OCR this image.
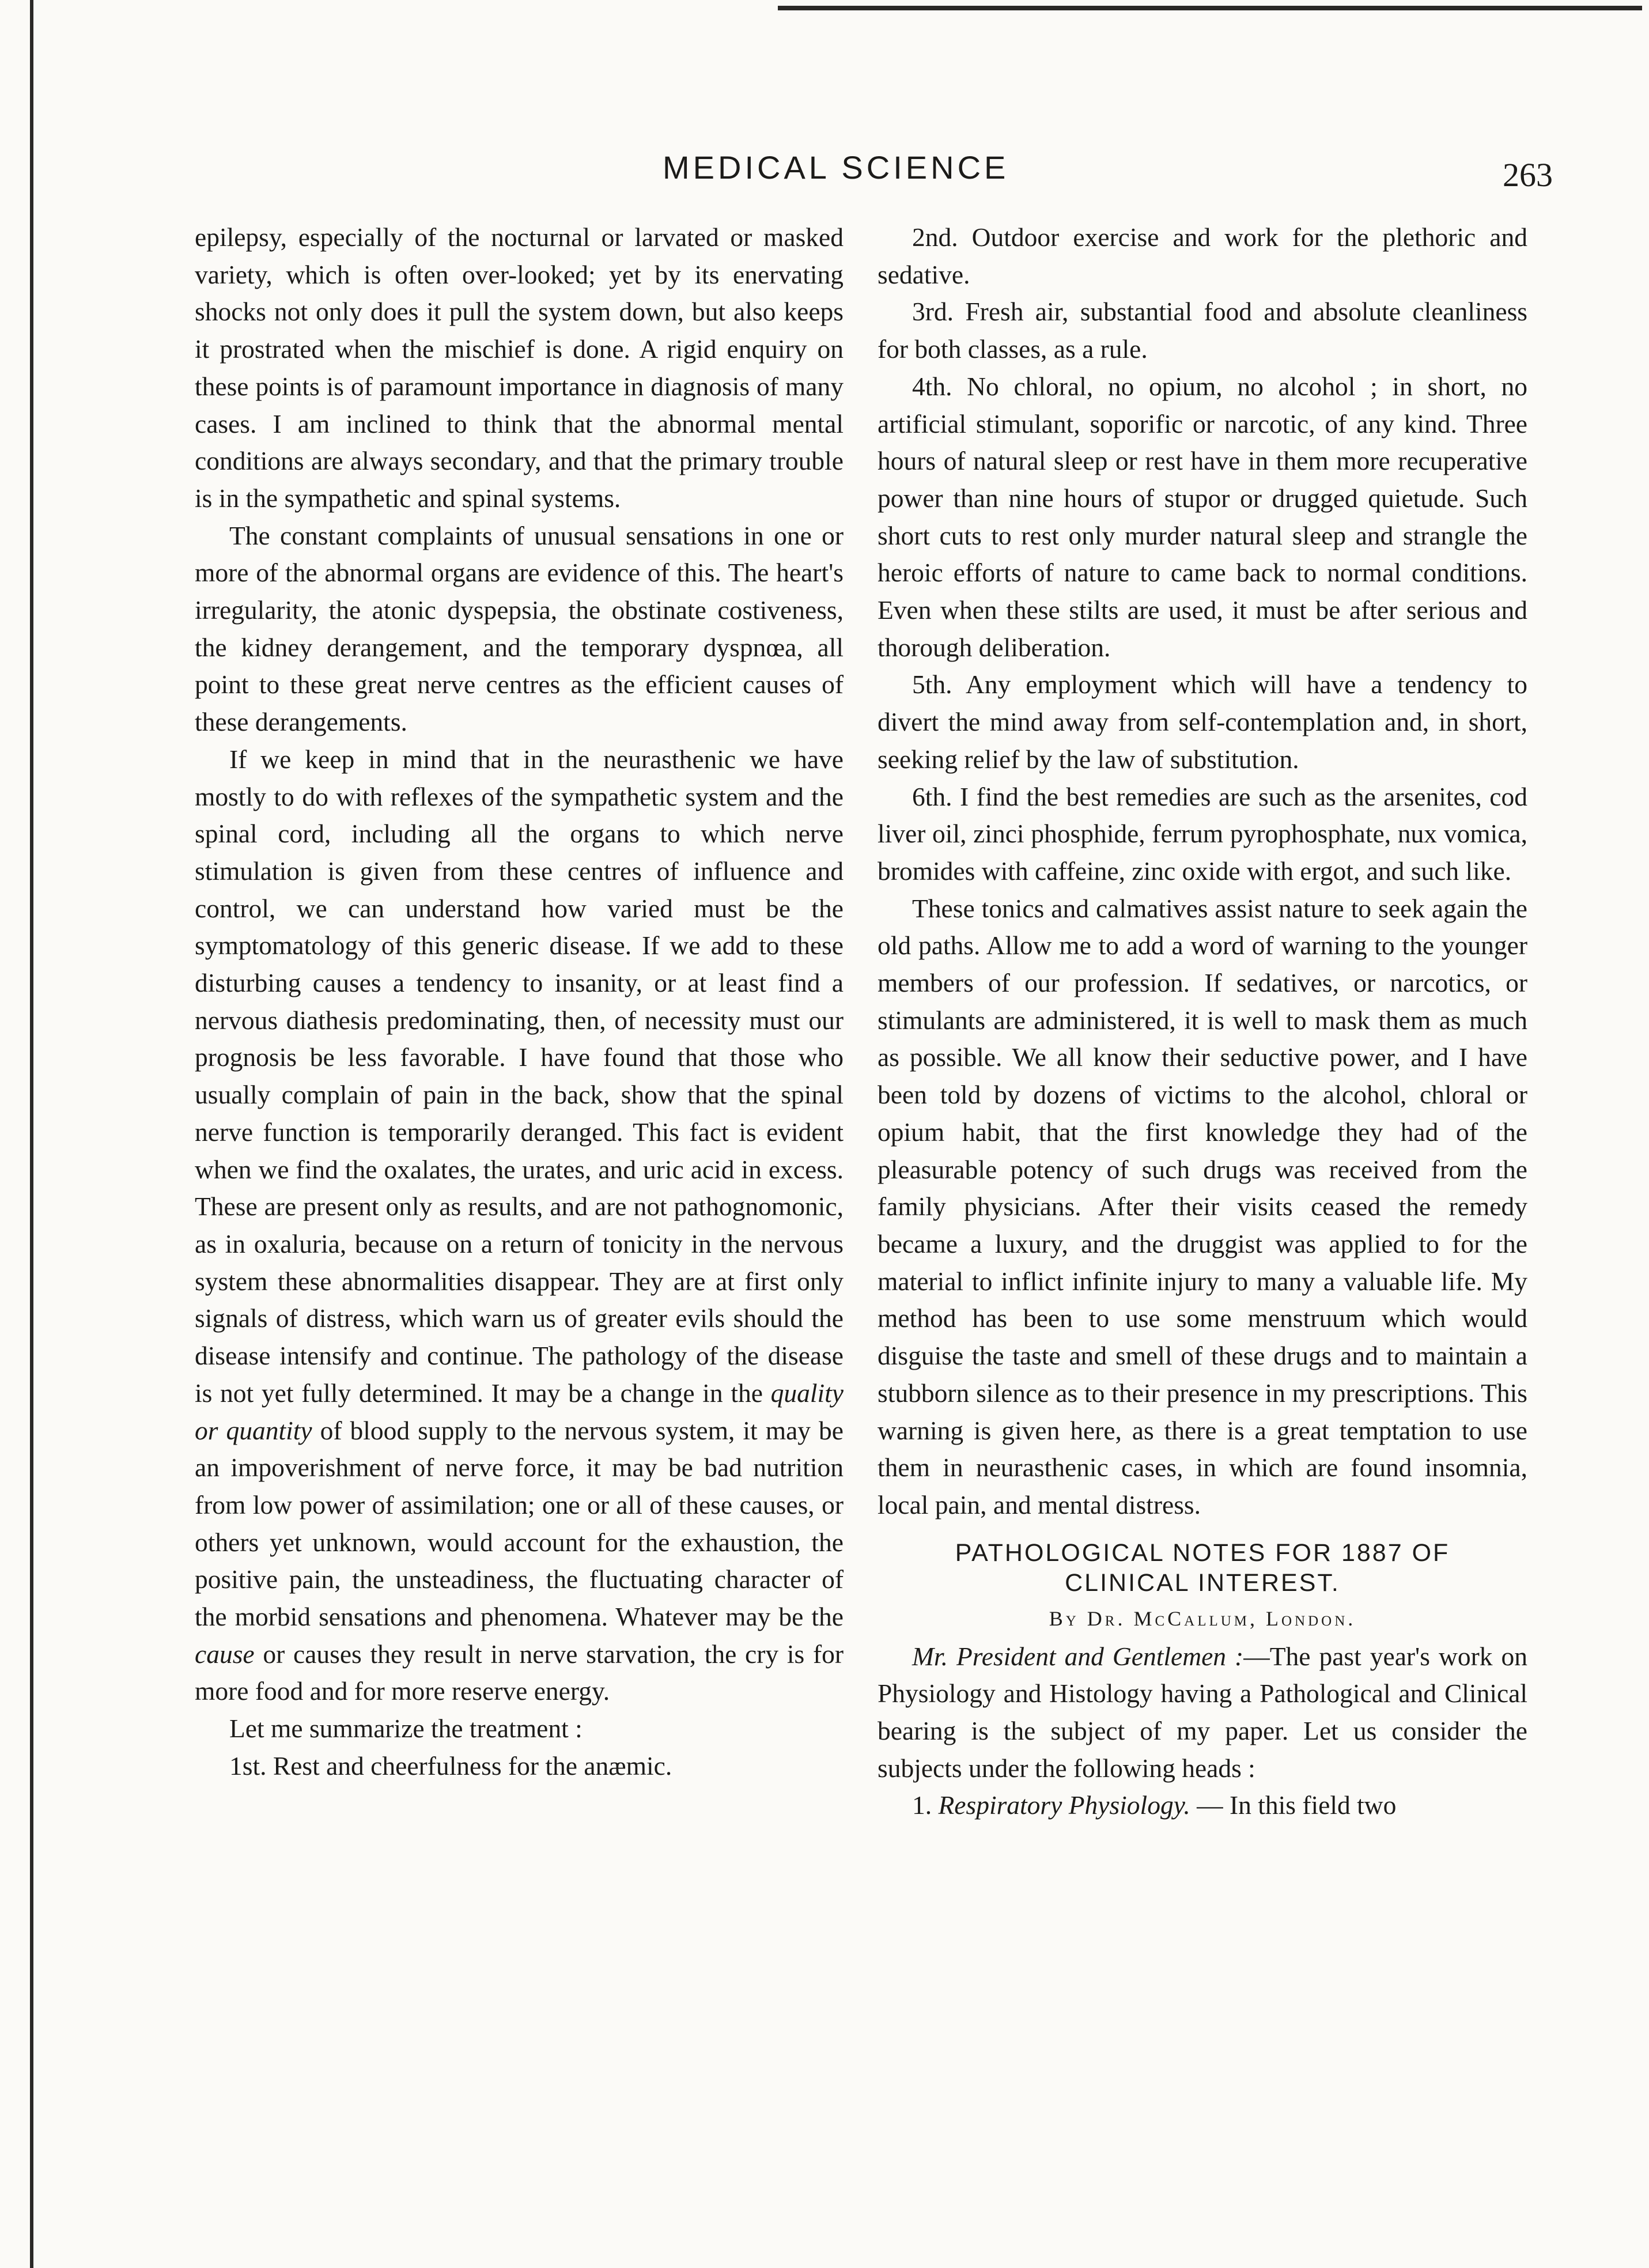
MEDICAL SCIENCE	263

epilepsy, especially of the nocturnal or larvated or masked variety, which is often over-looked; yet by its enervating shocks not only does it pull the system down, but also keeps it prostrated when the mischief is done. A rigid enquiry on these points is of paramount importance in diagnosis of many cases. I am inclined to think that the abnormal mental conditions are always secondary, and that the primary trouble is in the sympathetic and spinal systems.

The constant complaints of unusual sensations in one or more of the abnormal organs are evidence of this. The heart's irregularity, the atonic dyspepsia, the obstinate costiveness, the kidney derangement, and the temporary dyspnœa, all point to these great nerve centres as the efficient causes of these derangements.

If we keep in mind that in the neurasthenic we have mostly to do with reflexes of the sympathetic system and the spinal cord, including all the organs to which nerve stimulation is given from these centres of influence and control, we can understand how varied must be the symptomatology of this generic disease. If we add to these disturbing causes a tendency to insanity, or at least find a nervous diathesis predominating, then, of necessity must our prognosis be less favorable. I have found that those who usually complain of pain in the back, show that the spinal nerve function is temporarily deranged. This fact is evident when we find the oxalates, the urates, and uric acid in excess. These are present only as results, and are not pathognomonic, as in oxaluria, because on a return of tonicity in the nervous system these abnormalities disappear. They are at first only signals of distress, which warn us of greater evils should the disease intensify and continue. The pathology of the disease is not yet fully determined. It may be a change in the quality or quantity of blood supply to the nervous system, it may be an impoverishment of nerve force, it may be bad nutrition from low power of assimilation; one or all of these causes, or others yet unknown, would account for the exhaustion, the positive pain, the unsteadiness, the fluctuating character of the morbid sensations and phenomena. Whatever may be the cause or causes they result in nerve starvation, the cry is for more food and for more reserve energy.

Let me summarize the treatment :

1st. Rest and cheerfulness for the anæmic.

2nd. Outdoor exercise and work for the plethoric and sedative.

3rd. Fresh air, substantial food and absolute cleanliness for both classes, as a rule.

4th. No chloral, no opium, no alcohol ; in short, no artificial stimulant, soporific or narcotic, of any kind. Three hours of natural sleep or rest have in them more recuperative power than nine hours of stupor or drugged quietude. Such short cuts to rest only murder natural sleep and strangle the heroic efforts of nature to came back to normal conditions. Even when these stilts are used, it must be after serious and thorough deliberation.

5th. Any employment which will have a tendency to divert the mind away from self-contemplation and, in short, seeking relief by the law of substitution.

6th. I find the best remedies are such as the arsenites, cod liver oil, zinci phosphide, ferrum pyrophosphate, nux vomica, bromides with caffeine, zinc oxide with ergot, and such like.

These tonics and calmatives assist nature to seek again the old paths. Allow me to add a word of warning to the younger members of our profession. If sedatives, or narcotics, or stimulants are administered, it is well to mask them as much as possible. We all know their seductive power, and I have been told by dozens of victims to the alcohol, chloral or opium habit, that the first knowledge they had of the pleasurable potency of such drugs was received from the family physicians. After their visits ceased the remedy became a luxury, and the druggist was applied to for the material to inflict infinite injury to many a valuable life. My method has been to use some menstruum which would disguise the taste and smell of these drugs and to maintain a stubborn silence as to their presence in my prescriptions. This warning is given here, as there is a great temptation to use them in neurasthenic cases, in which are found insomnia, local pain, and mental distress.

PATHOLOGICAL NOTES FOR 1887 OF
CLINICAL INTEREST.
By Dr. McCallum, London.

Mr. President and Gentlemen :—The past year's work on Physiology and Histology having a Pathological and Clinical bearing is the subject of my paper. Let us consider the subjects under the following heads :

1. Respiratory Physiology. — In this field two
